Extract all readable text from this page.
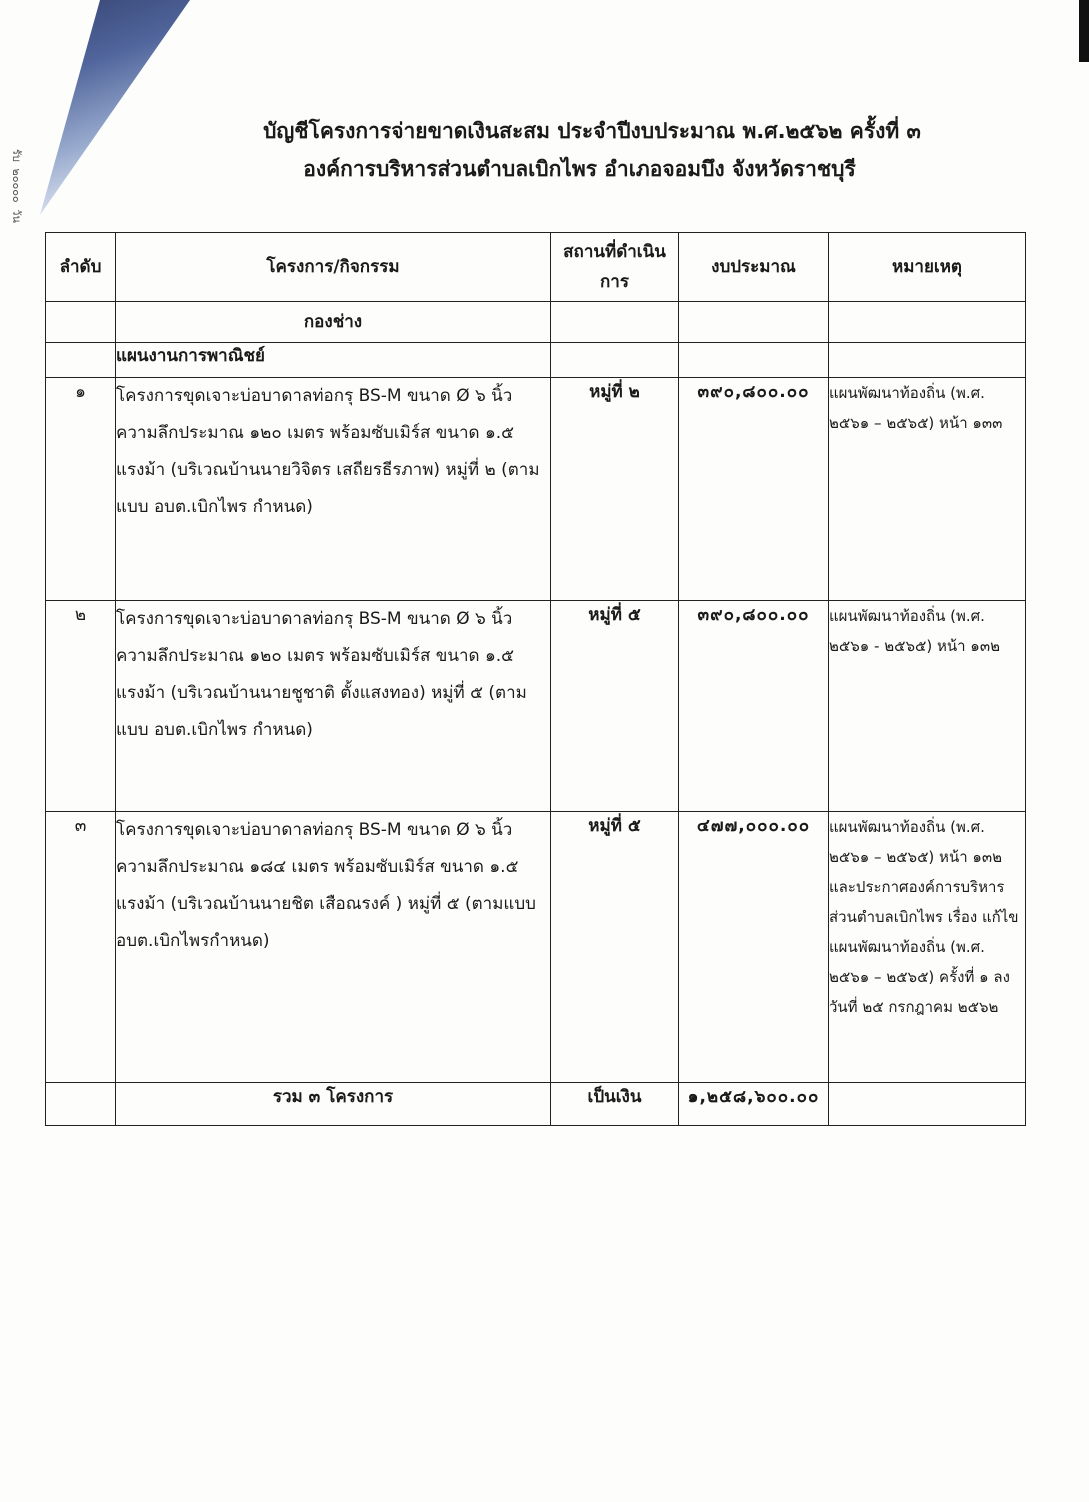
รับ ๒๐๐๐๐ วัน
บัญชีโครงการจ่ายขาดเงินสะสม ประจำปีงบประมาณ พ.ศ.๒๕๖๒ ครั้งที่ ๓
องค์การบริหารส่วนตำบลเบิกไพร อำเภอจอมบึง จังหวัดราชบุรี
ลำดับ	โครงการ/กิจกรรม	สถานที่ดำเนินการ	งบประมาณ	หมายเหตุ

	กองช่าง			
	แผนงานการพาณิชย์			
๑	โครงการขุดเจาะบ่อบาดาลท่อกรุ BS-M ขนาด Ø ๖ นิ้ว ความลึกประมาณ ๑๒๐ เมตร พร้อมซับเมิร์ส ขนาด ๑.๕ แรงม้า (บริเวณบ้านนายวิจิตร เสถียรธีรภาพ) หมู่ที่ ๒ (ตามแบบ อบต.เบิกไพร กำหนด)	หมู่ที่ ๒	๓๙๐,๘๐๐.๐๐	แผนพัฒนาท้องถิ่น (พ.ศ. ๒๕๖๑ – ๒๕๖๕) หน้า ๑๓๓
๒	โครงการขุดเจาะบ่อบาดาลท่อกรุ BS-M ขนาด Ø ๖ นิ้ว ความลึกประมาณ ๑๒๐ เมตร พร้อมซับเมิร์ส ขนาด ๑.๕ แรงม้า (บริเวณบ้านนายชูชาติ ตั้งแสงทอง) หมู่ที่ ๕ (ตามแบบ อบต.เบิกไพร กำหนด)	หมู่ที่ ๕	๓๙๐,๘๐๐.๐๐	แผนพัฒนาท้องถิ่น (พ.ศ. ๒๕๖๑ - ๒๕๖๕) หน้า ๑๓๒
๓	โครงการขุดเจาะบ่อบาดาลท่อกรุ BS-M ขนาด Ø ๖ นิ้ว ความลึกประมาณ ๑๘๔ เมตร พร้อมซับเมิร์ส ขนาด ๑.๕ แรงม้า (บริเวณบ้านนายชิต เสือณรงค์ ) หมู่ที่ ๕ (ตามแบบ อบต.เบิกไพรกำหนด)	หมู่ที่ ๕	๔๗๗,๐๐๐.๐๐	แผนพัฒนาท้องถิ่น (พ.ศ. ๒๕๖๑ – ๒๕๖๕) หน้า ๑๓๒ และประกาศองค์การบริหารส่วนตำบลเบิกไพร เรื่อง แก้ไขแผนพัฒนาท้องถิ่น (พ.ศ. ๒๕๖๑ – ๒๕๖๕) ครั้งที่ ๑ ลงวันที่ ๒๕ กรกฎาคม ๒๕๖๒
	รวม ๓ โครงการ	เป็นเงิน	๑,๒๕๘,๖๐๐.๐๐	
